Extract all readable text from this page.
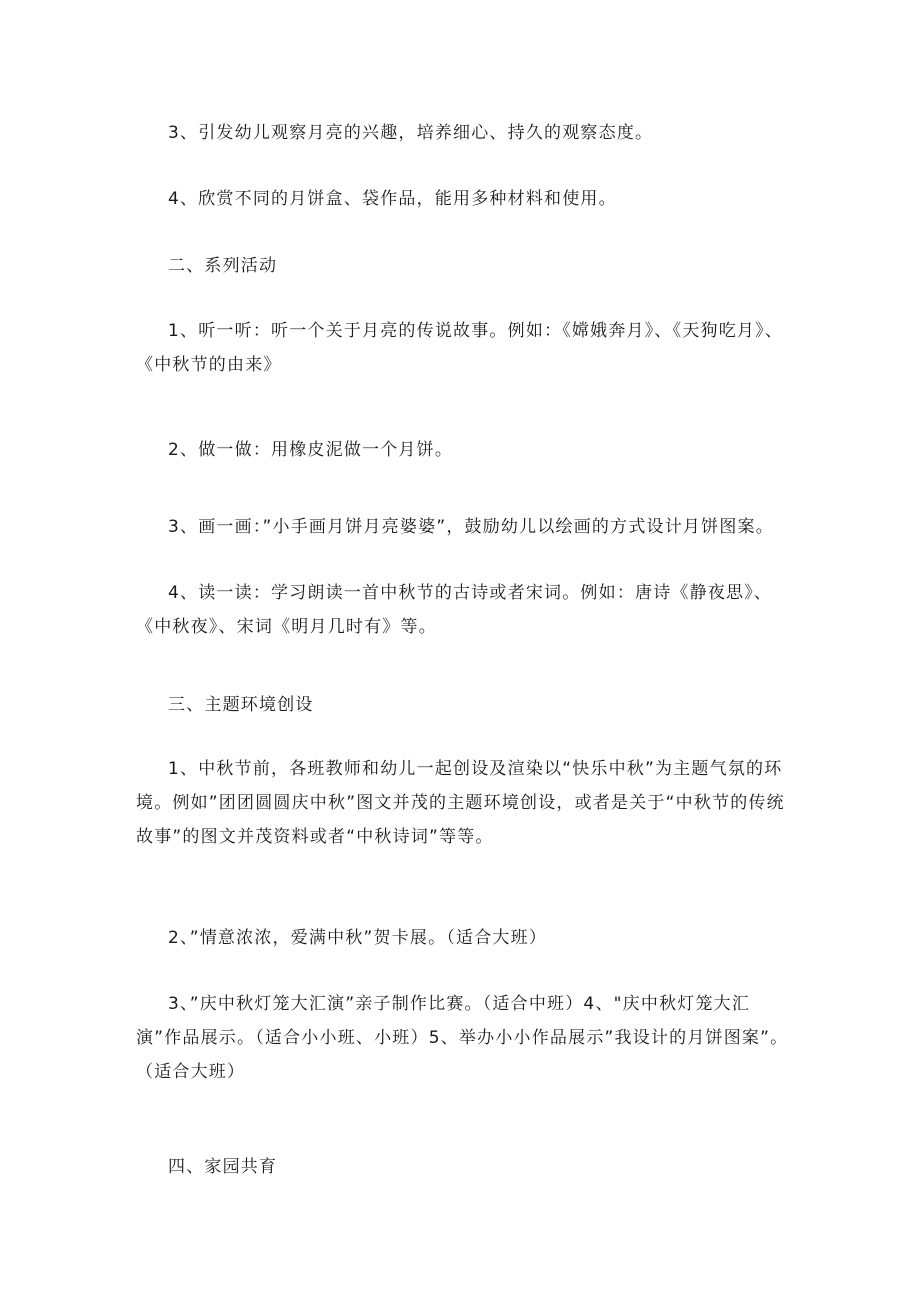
3、引发幼儿观察月亮的兴趣，培养细心、持久的观察态度。

4、欣赏不同的月饼盒、袋作品，能用多种材料和使用。

二、系列活动

1、听一听：听一个关于月亮的传说故事。例如：《嫦娥奔月》、《天狗吃月》、《中秋节的由来》

2、做一做：用橡皮泥做一个月饼。

3、画一画：”小手画月饼月亮婆婆”，鼓励幼儿以绘画的方式设计月饼图案。

4、读一读：学习朗读一首中秋节的古诗或者宋词。例如：唐诗《静夜思》、《中秋夜》、宋词《明月几时有》等。

三、主题环境创设

1、中秋节前，各班教师和幼儿一起创设及渲染以“快乐中秋”为主题气氛的环境。例如”团团圆圆庆中秋”图文并茂的主题环境创设，或者是关于“中秋节的传统故事”的图文并茂资料或者“中秋诗词”等等。

2、”情意浓浓，爱满中秋”贺卡展。（适合大班）

3、”庆中秋灯笼大汇演”亲子制作比赛。（适合中班）4、"庆中秋灯笼大汇演”作品展示。（适合小小班、小班）5、举办小小作品展示”我设计的月饼图案”。（适合大班）

四、家园共育
